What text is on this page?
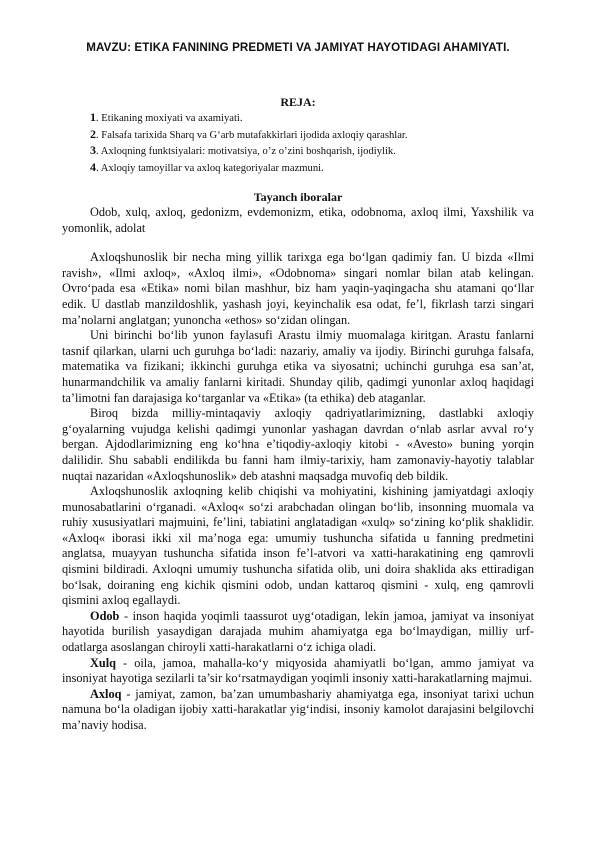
MAVZU: ETIKA FANINING PREDMETI VA JAMIYAT HAYOTIDAGI AHAMIYATI.
REJA:
1. Etikaning moxiyati va axamiyati.
2. Falsafa tarixida Sharq va G‘arb mutafakkirlari ijodida axloqiy qarashlar.
3. Axloqning funktsiyalari: motivatsiya, o’z o’zini boshqarish, ijodiylik.
4. Axloqiy tamoyillar va axloq kategoriyalar mazmuni.
Tayanch iboralar

Odob, xulq, axloq, gedonizm, evdemonizm, etika, odobnoma, axloq ilmi, Yaxshilik va yomonlik, adolat

Axloqshunoslik bir necha ming yillik tarixga ega bo‘lgan qadimiy fan. U bizda «Ilmi ravish», «Ilmi axloq», «Axloq ilmi», «Odobnoma» singari nomlar bilan atab kelingan. Ovro‘pada esa «Etika» nomi bilan mashhur, biz ham yaqin-yaqingacha shu atamani qo‘llar edik. U dastlab manzildoshlik, yashash joyi, keyinchalik esa odat, fe’l, fikrlash tarzi singari ma’nolarni anglatgan; yunoncha «ethos» so‘zidan olingan.

Uni birinchi bo‘lib yunon faylasufi Arastu ilmiy muomalaga kiritgan. Arastu fanlarni tasnif qilarkan, ularni uch guruhga bo‘ladi: nazariy, amaliy va ijodiy. Birinchi guruhga falsafa, matematika va fizikani; ikkinchi guruhga etika va siyosatni; uchinchi guruhga esa san’at, hunarmandchilik va amaliy fanlarni kiritadi. Shunday qilib, qadimgi yunonlar axloq haqidagi ta’limotni fan darajasiga ko‘targanlar va «Etika» (ta ethika) deb ataganlar.

Biroq bizda milliy-mintaqaviy axloqiy qadriyatlarimizning, dastlabki axloqiy g‘oyalarning vujudga kelishi qadimgi yunonlar yashagan davrdan o‘nlab asrlar avval ro‘y bergan. Ajdodlarimizning eng ko‘hna e’tiqodiy-axloqiy kitobi - «Avesto» buning yorqin dalilidir. Shu sababli endilikda bu fanni ham ilmiy-tarixiy, ham zamonaviy-hayotiy talablar nuqtai nazaridan «Axloqshunoslik» deb atashni maqsadga muvofiq deb bildik.

Axloqshunoslik axloqning kelib chiqishi va mohiyatini, kishining jamiyatdagi axloqiy munosabatlarini o‘rganadi. «Axloq« so‘zi arabchadan olingan bo‘lib, insonning muomala va ruhiy xususiyatlari majmuini, fe’lini, tabiatini anglatadigan «xulq» so‘zining ko‘plik shaklidir. «Axloq« iborasi ikki xil ma’noga ega: umumiy tushuncha sifatida u fanning predmetini anglatsa, muayyan tushuncha sifatida inson fe’l-atvori va xatti-harakatining eng qamrovli qismini bildiradi. Axloqni umumiy tushuncha sifatida olib, uni doira shaklida aks ettiradigan bo‘lsak, doiraning eng kichik qismini odob, undan kattaroq qismini - xulq, eng qamrovli qismini axloq egallaydi.

Odob - inson haqida yoqimli taassurot uyg‘otadigan, lekin jamoa, jamiyat va insoniyat hayotida burilish yasaydigan darajada muhim ahamiyatga ega bo‘lmaydigan, milliy urf-odatlarga asoslangan chiroyli xatti-harakatlarni o‘z ichiga oladi.

Xulq - oila, jamoa, mahalla-ko‘y miqyosida ahamiyatli bo‘lgan, ammo jamiyat va insoniyat hayotiga sezilarli ta’sir ko‘rsatmaydigan yoqimli insoniy xatti-harakatlarning majmui.

Axloq - jamiyat, zamon, ba’zan umumbashariy ahamiyatga ega, insoniyat tarixi uchun namuna bo‘la oladigan ijobiy xatti-harakatlar yig‘indisi, insoniy kamolot darajasini belgilovchi ma’naviy hodisa.
